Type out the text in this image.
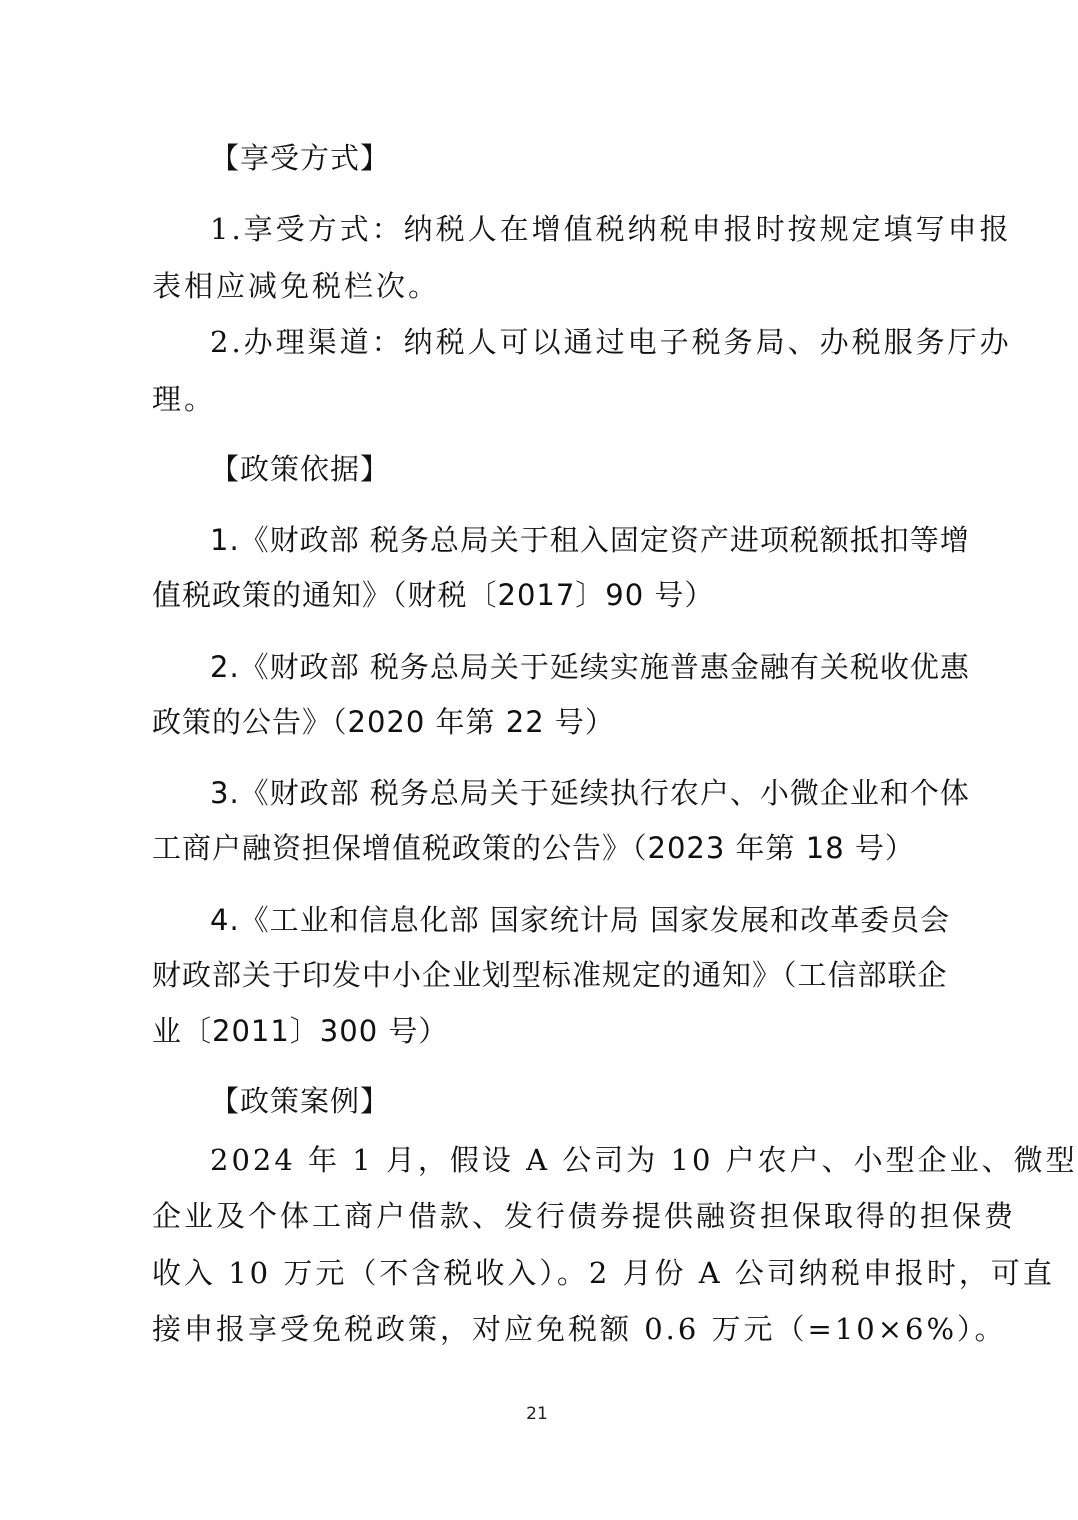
【享受方式】
1.享受方式：纳税人在增值税纳税申报时按规定填写申报
表相应减免税栏次。
2.办理渠道：纳税人可以通过电子税务局、办税服务厅办
理。
【政策依据】
1.《财政部 税务总局关于租入固定资产进项税额抵扣等增
值税政策的通知》（财税〔2017〕90 号）
2.《财政部 税务总局关于延续实施普惠金融有关税收优惠
政策的公告》（2020 年第 22 号）
3.《财政部 税务总局关于延续执行农户、小微企业和个体
工商户融资担保增值税政策的公告》（2023 年第 18 号）
4.《工业和信息化部 国家统计局 国家发展和改革委员会
财政部关于印发中小企业划型标准规定的通知》（工信部联企
业〔2011〕300 号）
【政策案例】
2024 年 1 月，假设 A 公司为 10 户农户、小型企业、微型
企业及个体工商户借款、发行债券提供融资担保取得的担保费
收入 10 万元（不含税收入）。2 月份 A 公司纳税申报时，可直
接申报享受免税政策，对应免税额 0.6 万元（=10×6%）。
21
